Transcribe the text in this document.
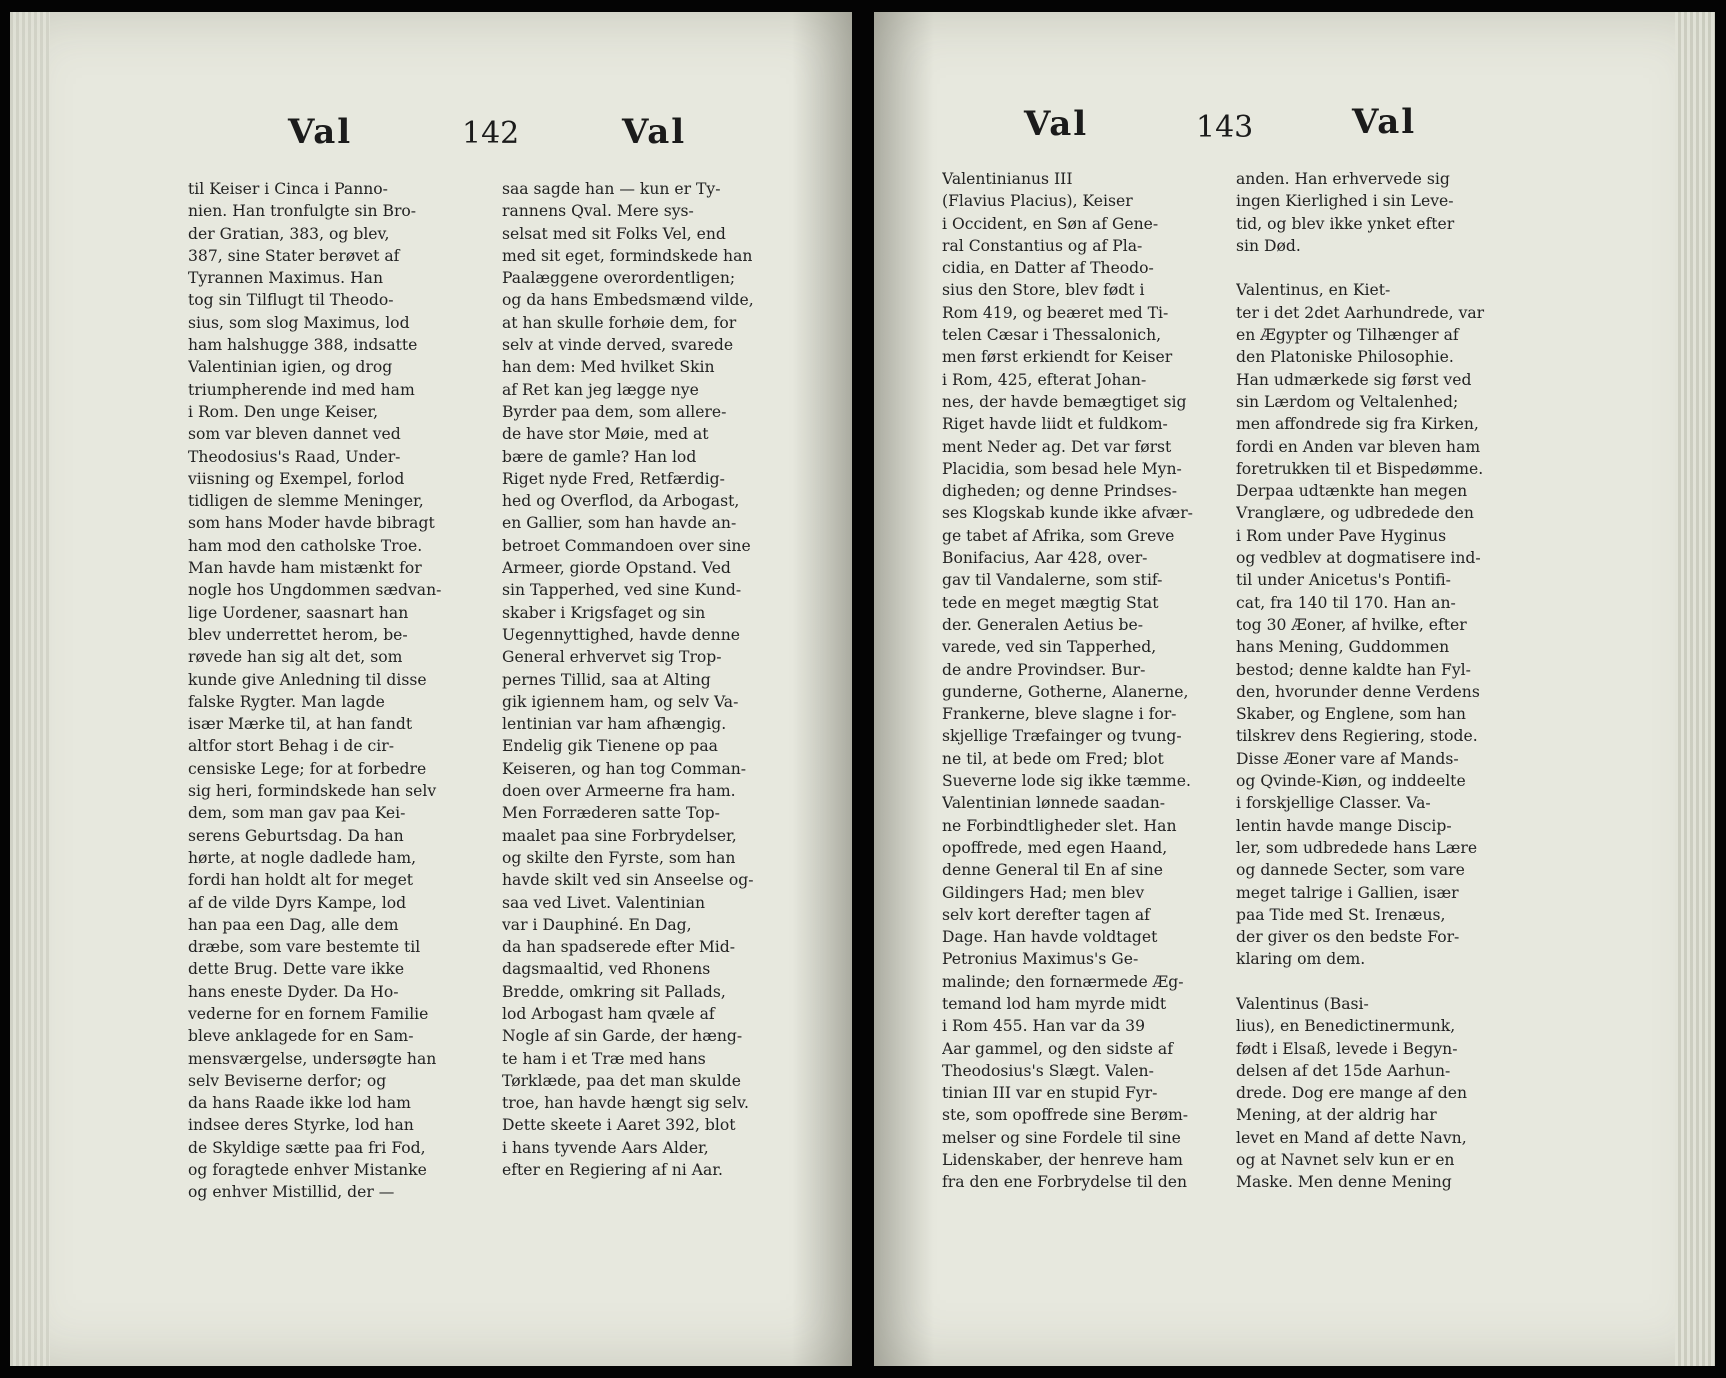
Val	142	Val
til Keiser i Cinca i Panno-
nien. Han tronfulgte sin Bro-
der Gratian, 383, og blev,
387, sine Stater berøvet af
Tyrannen Maximus. Han
tog sin Tilflugt til Theodo-
sius, som slog Maximus, lod
ham halshugge 388, indsatte
Valentinian igien, og drog
triumpherende ind med ham
i Rom. Den unge Keiser,
som var bleven dannet ved
Theodosius's Raad, Under-
viisning og Exempel, forlod
tidligen de slemme Meninger,
som hans Moder havde bibragt
ham mod den catholske Troe.
Man havde ham mistænkt for
nogle hos Ungdommen sædvan-
lige Uordener, saasnart han
blev underrettet herom, be-
røvede han sig alt det, som
kunde give Anledning til disse
falske Rygter. Man lagde
især Mærke til, at han fandt
altfor stort Behag i de cir-
censiske Lege; for at forbedre
sig heri, formindskede han selv
dem, som man gav paa Kei-
serens Geburtsdag. Da han
hørte, at nogle dadlede ham,
fordi han holdt alt for meget
af de vilde Dyrs Kampe, lod
han paa een Dag, alle dem
dræbe, som vare bestemte til
dette Brug. Dette vare ikke
hans eneste Dyder. Da Ho-
vederne for en fornem Familie
bleve anklagede for en Sam-
mensværgelse, undersøgte han
selv Beviserne derfor; og
da hans Raade ikke lod ham
indsee deres Styrke, lod han
de Skyldige sætte paa fri Fod,
og foragtede enhver Mistanke
og enhver Mistillid, der —
saa sagde han — kun er Ty-
rannens Qval. Mere sys-
selsat med sit Folks Vel, end
med sit eget, formindskede han
Paalæggene overordentligen;
og da hans Embedsmænd vilde,
at han skulle forhøie dem, for
selv at vinde derved, svarede
han dem: Med hvilket Skin
af Ret kan jeg lægge nye
Byrder paa dem, som allere-
de have stor Møie, med at
bære de gamle? Han lod
Riget nyde Fred, Retfærdig-
hed og Overflod, da Arbogast,
en Gallier, som han havde an-
betroet Commandoen over sine
Armeer, giorde Opstand. Ved
sin Tapperhed, ved sine Kund-
skaber i Krigsfaget og sin
Uegennyttighed, havde denne
General erhvervet sig Trop-
pernes Tillid, saa at Alting
gik igiennem ham, og selv Va-
lentinian var ham afhængig.
Endelig gik Tienene op paa
Keiseren, og han tog Comman-
doen over Armeerne fra ham.
Men Forræderen satte Top-
maalet paa sine Forbrydelser,
og skilte den Fyrste, som han
havde skilt ved sin Anseelse og-
saa ved Livet. Valentinian
var i Dauphiné. En Dag,
da han spadserede efter Mid-
dagsmaaltid, ved Rhonens
Bredde, omkring sit Pallads,
lod Arbogast ham qvæle af
Nogle af sin Garde, der hæng-
te ham i et Træ med hans
Tørklæde, paa det man skulde
troe, han havde hængt sig selv.
Dette skeete i Aaret 392, blot
i hans tyvende Aars Alder,
efter en Regiering af ni Aar.
Val	143	Val
Valentinianus III
(Flavius Placius), Keiser
i Occident, en Søn af Gene-
ral Constantius og af Pla-
cidia, en Datter af Theodo-
sius den Store, blev født i
Rom 419, og beæret med Ti-
telen Cæsar i Thessalonich,
men først erkiendt for Keiser
i Rom, 425, efterat Johan-
nes, der havde bemægtiget sig
Riget havde liidt et fuldkom-
ment Neder ag. Det var først
Placidia, som besad hele Myn-
digheden; og denne Prindses-
ses Klogskab kunde ikke afvær-
ge tabet af Afrika, som Greve
Bonifacius, Aar 428, over-
gav til Vandalerne, som stif-
tede en meget mægtig Stat
der. Generalen Aetius be-
varede, ved sin Tapperhed,
de andre Provindser. Bur-
gunderne, Gotherne, Alanerne,
Frankerne, bleve slagne i for-
skjellige Træfainger og tvung-
ne til, at bede om Fred; blot
Sueverne lode sig ikke tæmme.
Valentinian lønnede saadan-
ne Forbindtligheder slet. Han
opoffrede, med egen Haand,
denne General til En af sine
Gildingers Had; men blev
selv kort derefter tagen af
Dage. Han havde voldtaget
Petronius Maximus's Ge-
malinde; den fornærmede Æg-
temand lod ham myrde midt
i Rom 455. Han var da 39
Aar gammel, og den sidste af
Theodosius's Slægt. Valen-
tinian III var en stupid Fyr-
ste, som opoffrede sine Berøm-
melser og sine Fordele til sine
Lidenskaber, der henreve ham
fra den ene Forbrydelse til den
anden. Han erhvervede sig
ingen Kierlighed i sin Leve-
tid, og blev ikke ynket efter
sin Død.

Valentinus, en Kiet-
ter i det 2det Aarhundrede, var
en Ægypter og Tilhænger af
den Platoniske Philosophie.
Han udmærkede sig først ved
sin Lærdom og Veltalenhed;
men affondrede sig fra Kirken,
fordi en Anden var bleven ham
foretrukken til et Bispedømme.
Derpaa udtænkte han megen
Vranglære, og udbredede den
i Rom under Pave Hyginus
og vedblev at dogmatisere ind-
til under Anicetus's Pontifi-
cat, fra 140 til 170. Han an-
tog 30 Æoner, af hvilke, efter
hans Mening, Guddommen
bestod; denne kaldte han Fyl-
den, hvorunder denne Verdens
Skaber, og Englene, som han
tilskrev dens Regiering, stode.
Disse Æoner vare af Mands-
og Qvinde-Kiøn, og inddeelte
i forskjellige Classer. Va-
lentin havde mange Discip-
ler, som udbredede hans Lære
og dannede Secter, som vare
meget talrige i Gallien, især
paa Tide med St. Irenæus,
der giver os den bedste For-
klaring om dem.

Valentinus (Basi-
lius), en Benedictinermunk,
født i Elsaß, levede i Begyn-
delsen af det 15de Aarhun-
drede. Dog ere mange af den
Mening, at der aldrig har
levet en Mand af dette Navn,
og at Navnet selv kun er en
Maske. Men denne Mening
